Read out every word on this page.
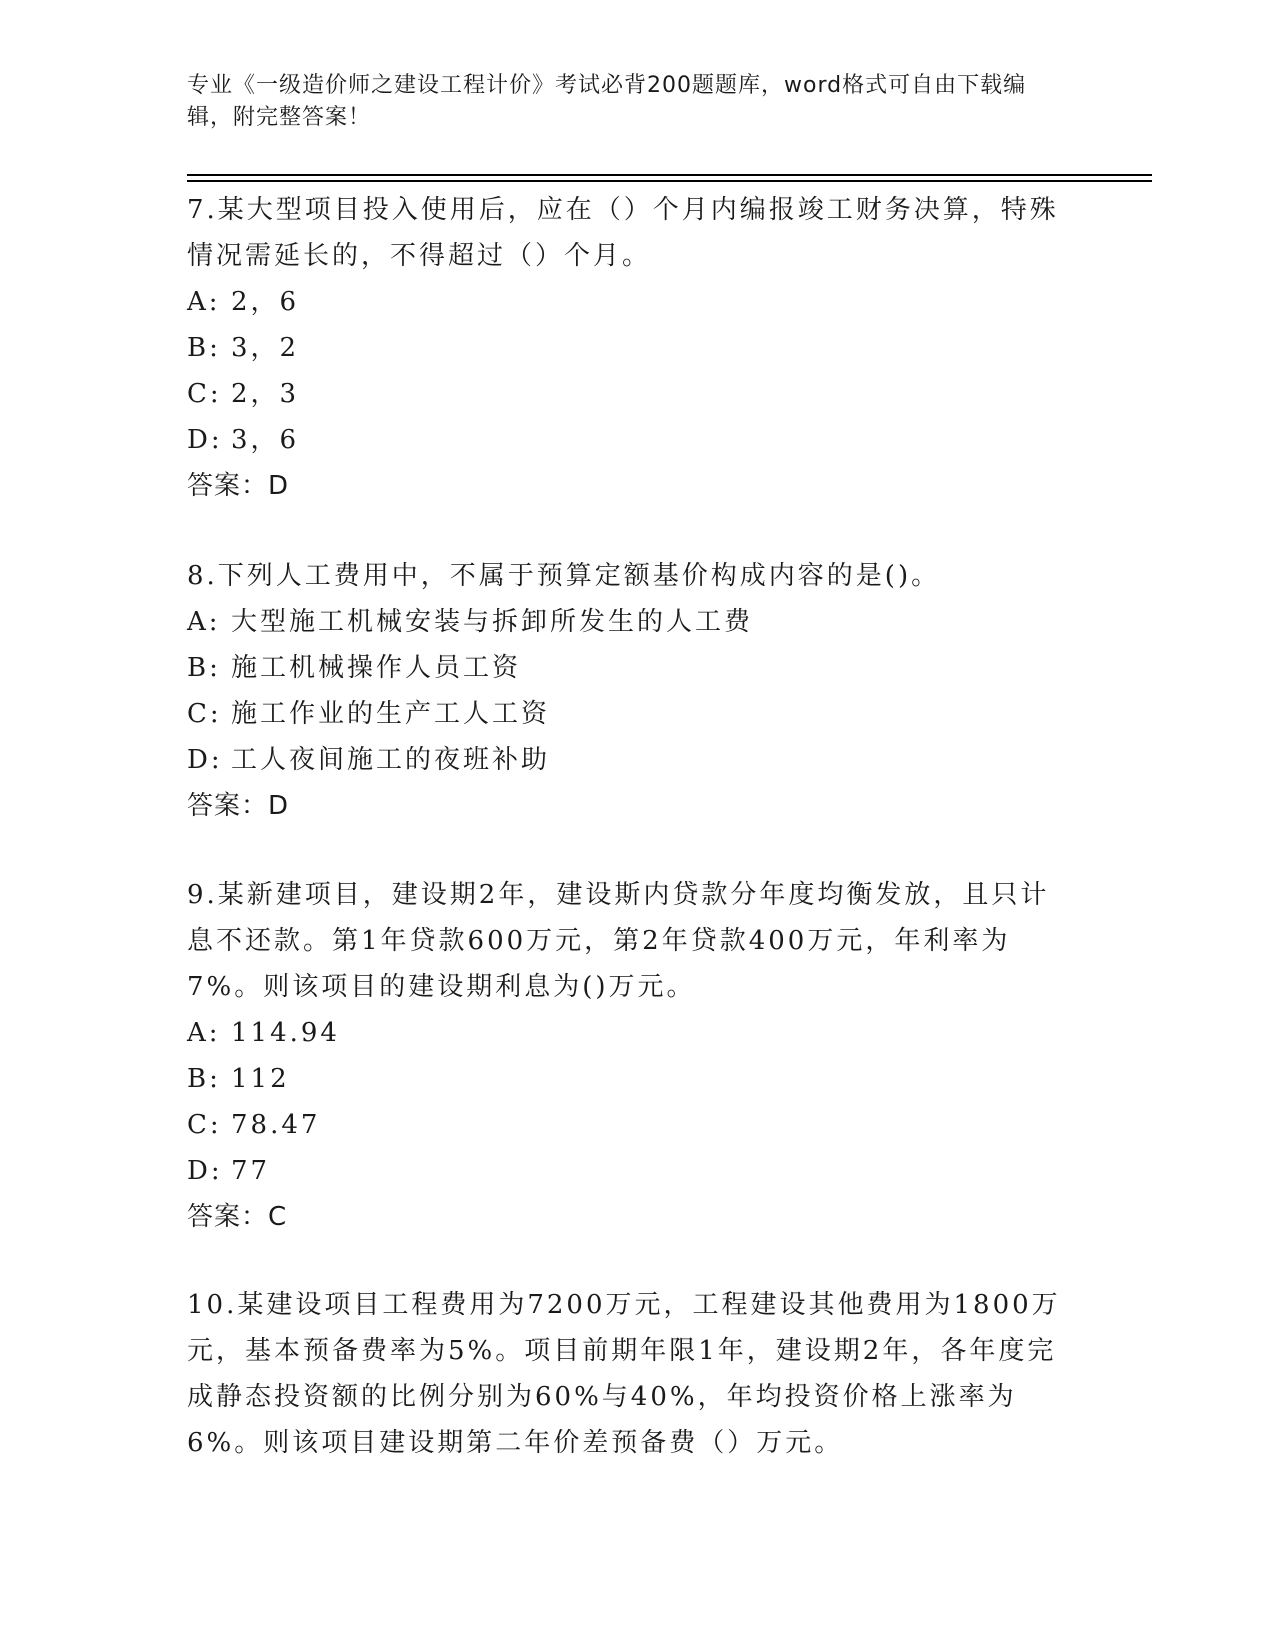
专业《一级造价师之建设工程计价》考试必背200题题库，word格式可自由下载编辑，附完整答案！
7.某大型项目投入使用后，应在（）个月内编报竣工财务决算，特殊情况需延长的，不得超过（）个月。
A: 2，6
B: 3，2
C: 2，3
D: 3，6
答案：D
8.下列人工费用中，不属于预算定额基价构成内容的是()。
A: 大型施工机械安装与拆卸所发生的人工费
B: 施工机械操作人员工资
C: 施工作业的生产工人工资
D: 工人夜间施工的夜班补助
答案：D
9.某新建项目，建设期2年，建设斯内贷款分年度均衡发放，且只计息不还款。第1年贷款600万元，第2年贷款400万元，年利率为7%。则该项目的建设期利息为()万元。
A: 114.94
B: 112
C: 78.47
D: 77
答案：C
10.某建设项目工程费用为7200万元，工程建设其他费用为1800万元，基本预备费率为5%。项目前期年限1年，建设期2年，各年度完成静态投资额的比例分别为60%与40%，年均投资价格上涨率为6%。则该项目建设期第二年价差预备费（）万元。
